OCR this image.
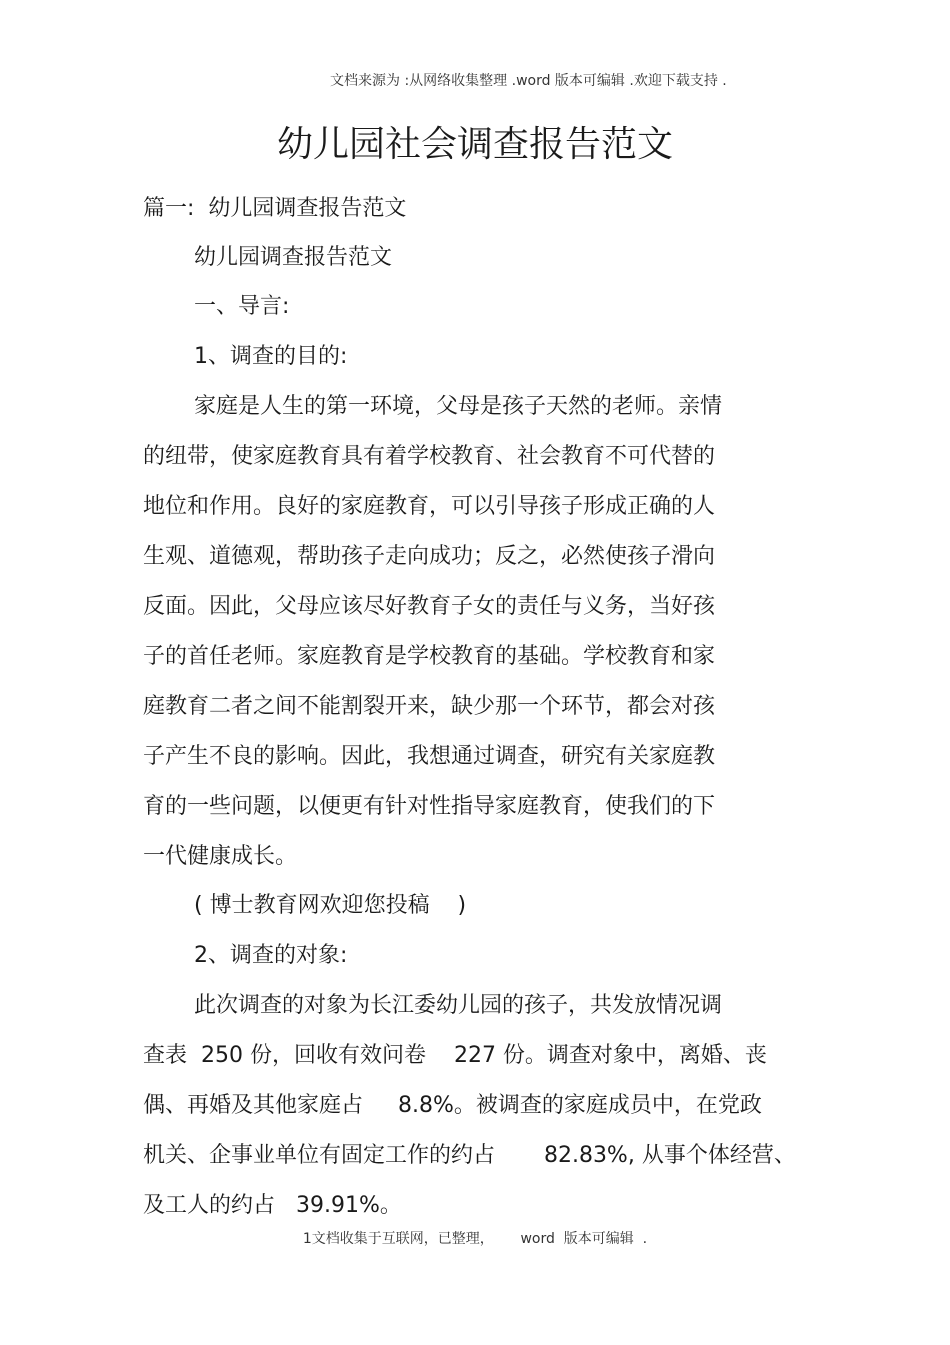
文档来源为 :从网络收集整理 .word 版本可编辑 .欢迎下载支持 .
幼儿园社会调查报告范文
篇一:  幼儿园调查报告范文
幼儿园调查报告范文
一、导言:
1、调查的目的:
家庭是人生的第一环境，父母是孩子天然的老师。亲情
的纽带，使家庭教育具有着学校教育、社会教育不可代替的
地位和作用。良好的家庭教育，可以引导孩子形成正确的人
生观、道德观，帮助孩子走向成功；反之，必然使孩子滑向
反面。因此，父母应该尽好教育子女的责任与义务，当好孩
子的首任老师。家庭教育是学校教育的基础。学校教育和家
庭教育二者之间不能割裂开来，缺少那一个环节，都会对孩
子产生不良的影响。因此，我想通过调查，研究有关家庭教
育的一些问题，以便更有针对性指导家庭教育，使我们的下
一代健康成长。
( 博士教育网欢迎您投稿    )
2、调查的对象:
此次调查的对象为长江委幼儿园的孩子，共发放情况调
查表  250 份，回收有效问卷    227 份。调查对象中，离婚、丧
偶、再婚及其他家庭占     8.8%。被调查的家庭成员中，在党政
机关、企事业单位有固定工作的约占       82.83%, 从事个体经营、
及工人的约占   39.91%。
1文档收集于互联网，已整理，      word  版本可编辑  .
